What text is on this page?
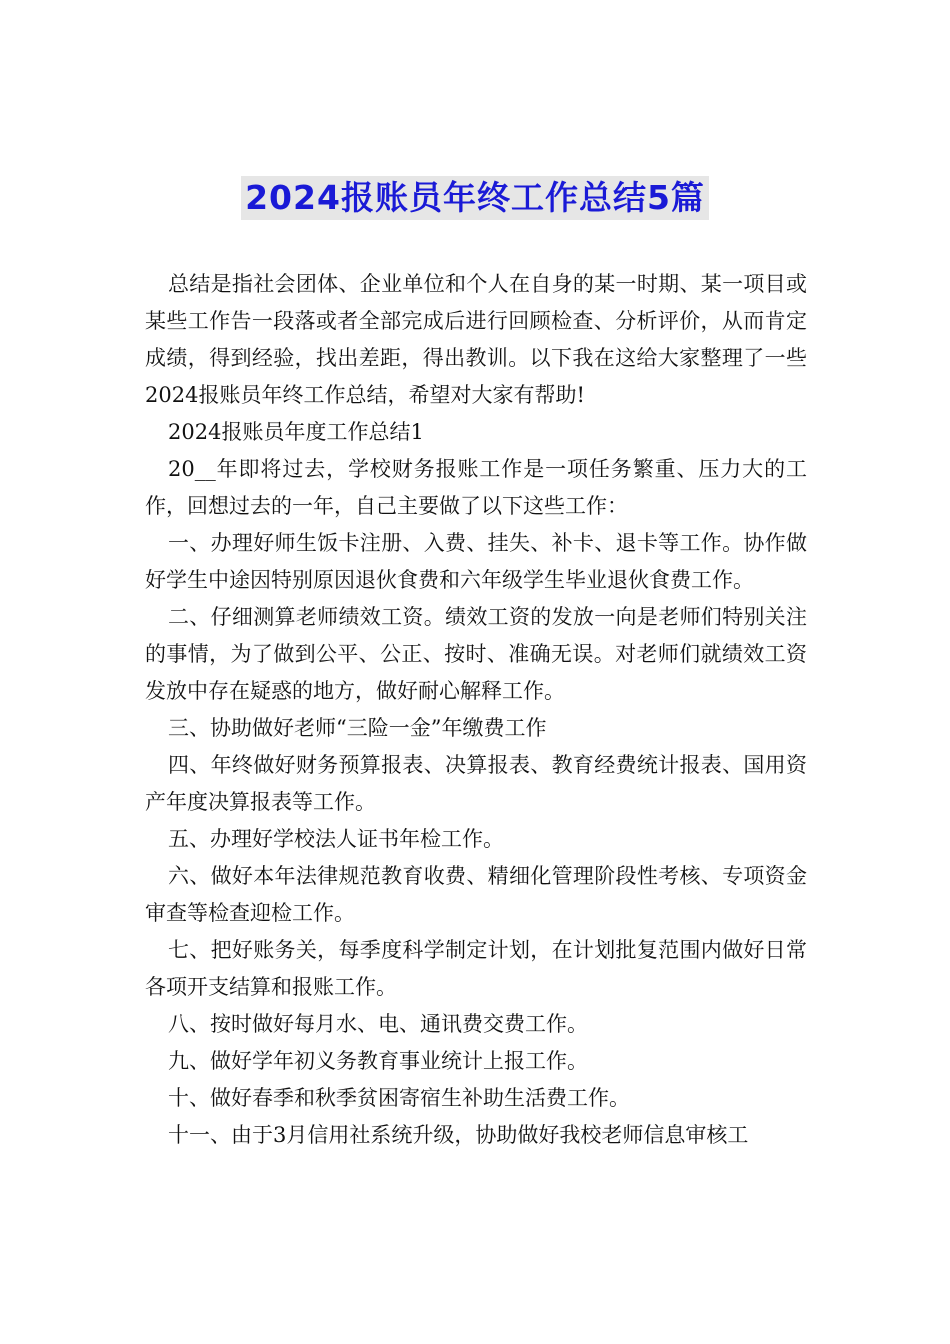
2024报账员年终工作总结5篇

总结是指社会团体、企业单位和个人在自身的某一时期、某一项目或某些工作告一段落或者全部完成后进行回顾检查、分析评价，从而肯定成绩，得到经验，找出差距，得出教训。以下我在这给大家整理了一些2024报账员年终工作总结，希望对大家有帮助!

2024报账员年度工作总结1

20__年即将过去，学校财务报账工作是一项任务繁重、压力大的工作，回想过去的一年，自己主要做了以下这些工作：

一、办理好师生饭卡注册、入费、挂失、补卡、退卡等工作。协作做好学生中途因特别原因退伙食费和六年级学生毕业退伙食费工作。

二、仔细测算老师绩效工资。绩效工资的发放一向是老师们特别关注的事情，为了做到公平、公正、按时、准确无误。对老师们就绩效工资发放中存在疑惑的地方，做好耐心解释工作。

三、协助做好老师“三险一金”年缴费工作

四、年终做好财务预算报表、决算报表、教育经费统计报表、国用资产年度决算报表等工作。

五、办理好学校法人证书年检工作。

六、做好本年法律规范教育收费、精细化管理阶段性考核、专项资金审查等检查迎检工作。

七、把好账务关，每季度科学制定计划，在计划批复范围内做好日常各项开支结算和报账工作。

八、按时做好每月水、电、通讯费交费工作。

九、做好学年初义务教育事业统计上报工作。

十、做好春季和秋季贫困寄宿生补助生活费工作。

十一、由于3月信用社系统升级，协助做好我校老师信息审核工
